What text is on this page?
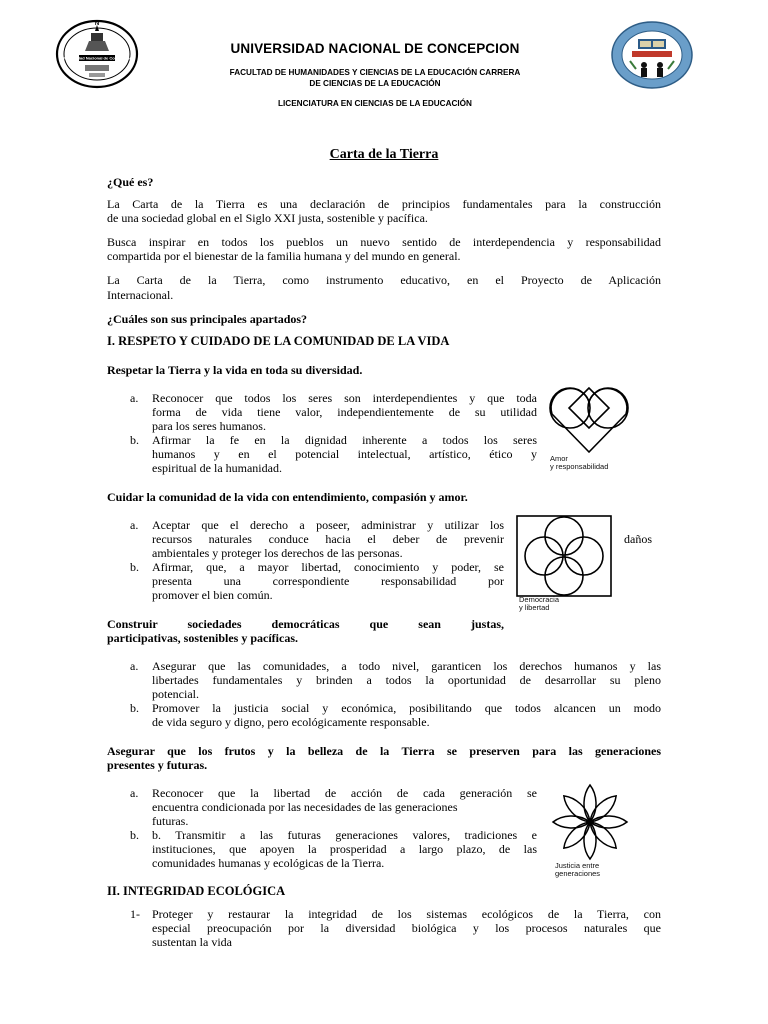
N
Universidad Nacional de Concepción
UNIVERSIDAD NACIONAL DE CONCEPCION
FACULTAD DE HUMANIDADES Y CIENCIAS DE LA EDUCACIÓN CARRERA
DE CIENCIAS DE LA EDUCACIÓN
LICENCIATURA EN CIENCIAS DE LA EDUCACIÓN
Carta de la Tierra
¿Qué es?
La Carta de la Tierra es una declaración de principios fundamentales para la construcción
de una sociedad global en el Siglo XXI justa, sostenible y pacífica.
Busca inspirar en todos los pueblos un nuevo sentido de interdependencia y responsabilidad
compartida por el bienestar de la familia humana y del mundo en general.
La Carta de la Tierra, como instrumento educativo, en el Proyecto de Aplicación
Internacional.
¿Cuáles son sus principales apartados?
I. RESPETO Y CUIDADO DE LA COMUNIDAD DE LA VIDA
Respetar la Tierra y la vida en toda su diversidad.
a. Reconocer que todos los seres son interdependientes y que toda
forma de vida tiene valor, independientemente de su utilidad
para los seres humanos.
b. Afirmar la fe en la dignidad inherente a todos los seres
humanos y en el potencial intelectual, artístico, ético y
espiritual de la humanidad.
Amor
y responsabilidad
Cuidar la comunidad de la vida con entendimiento, compasión y amor.
a. Aceptar que el derecho a poseer, administrar y utilizar los
recursos naturales conduce hacia el deber de prevenir
ambientales y proteger los derechos de las personas.
daños
b. Afirmar, que, a mayor libertad, conocimiento y poder, se
presenta una correspondiente responsabilidad por
promover el bien común.	Democracia
y libertad
Construir sociedades democráticas que sean justas,
participativas, sostenibles y pacíficas.
a. Asegurar que las comunidades, a todo nivel, garanticen los derechos humanos y las
libertades fundamentales y brinden a todos la oportunidad de desarrollar su pleno
potencial.
b. Promover la justicia social y económica, posibilitando que todos alcancen un modo
de vida seguro y digno, pero ecológicamente responsable.
Asegurar que los frutos y la belleza de la Tierra se preserven para las generaciones
presentes y futuras.
a. Reconocer que la libertad de acción de cada generación se
encuentra condicionada por las necesidades de las generaciones
futuras.
b. b. Transmitir a las futuras generaciones valores, tradiciones e
instituciones, que apoyen la prosperidad a largo plazo, de las
comunidades humanas y ecológicas de la Tierra.	Justicia entre
generaciones
II. INTEGRIDAD ECOLÓGICA
1- Proteger y restaurar la integridad de los sistemas ecológicos de la Tierra, con
especial preocupación por la diversidad biológica y los procesos naturales que
sustentan la vida
